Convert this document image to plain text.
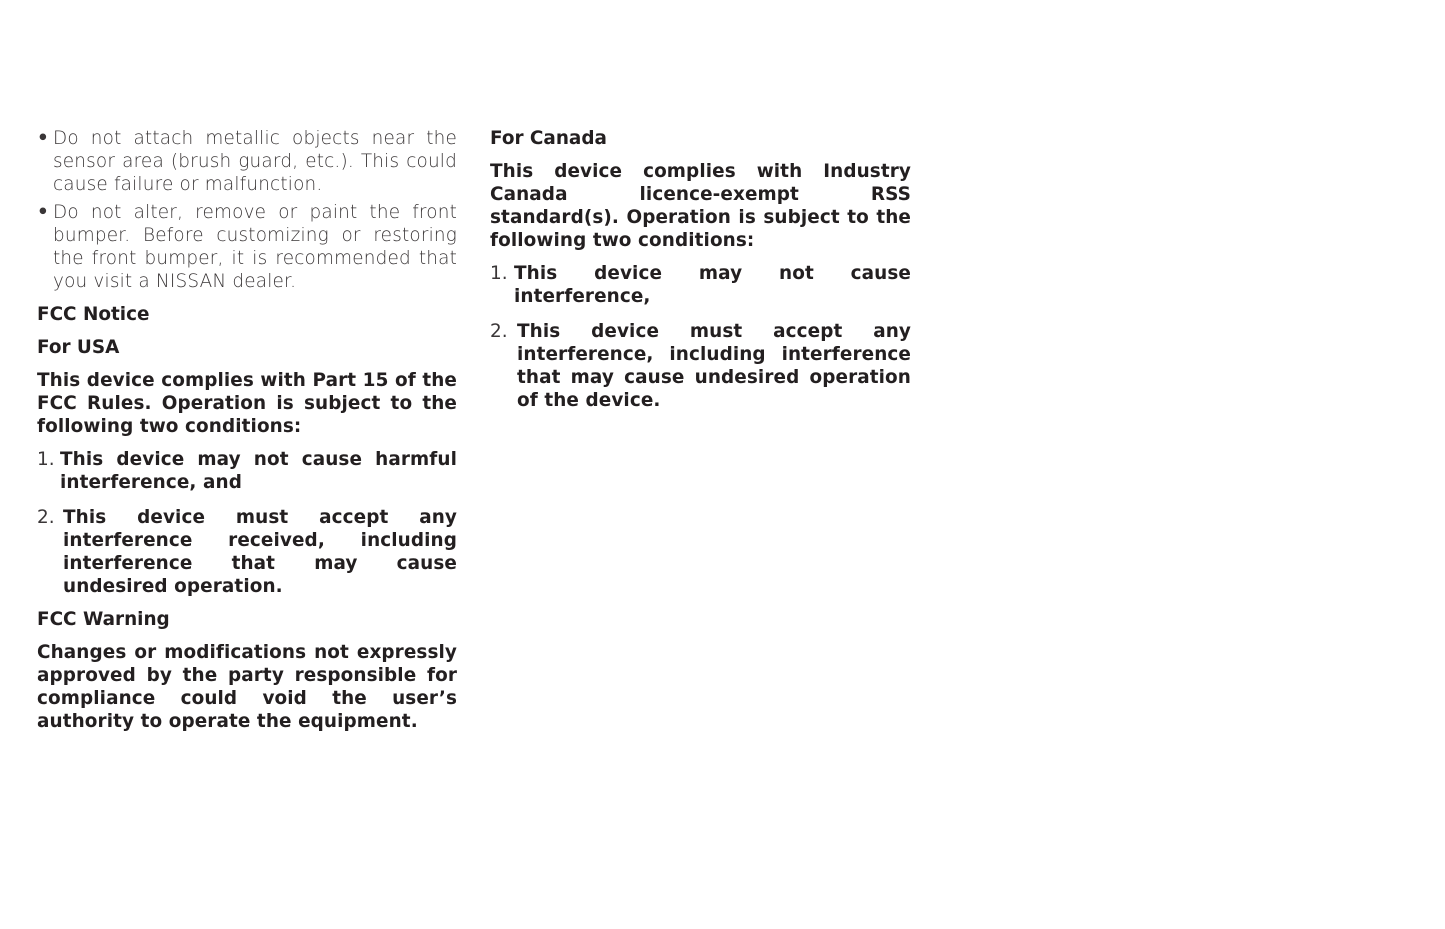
• Do not attach metallic objects near the sensor area (brush guard, etc.). This could cause failure or malfunction.
• Do not alter, remove or paint the front bumper. Before customizing or restoring the front bumper, it is recommended that you visit a NISSAN dealer.
FCC Notice
For USA

This device complies with Part 15 of the FCC Rules. Operation is subject to the following two conditions:

1. This device may not cause harmful interference, and
2. This device must accept any interference received, including interference that may cause undesired operation.
FCC Warning

Changes or modifications not expressly approved by the party responsible for compliance could void the user’s authority to operate the equipment.

For Canada

This device complies with Industry Canada licence-exempt RSS standard(s). Operation is subject to the following two conditions:

1. This device may not cause interference,
2. This device must accept any interference, including interference that may cause undesired operation of the device.
